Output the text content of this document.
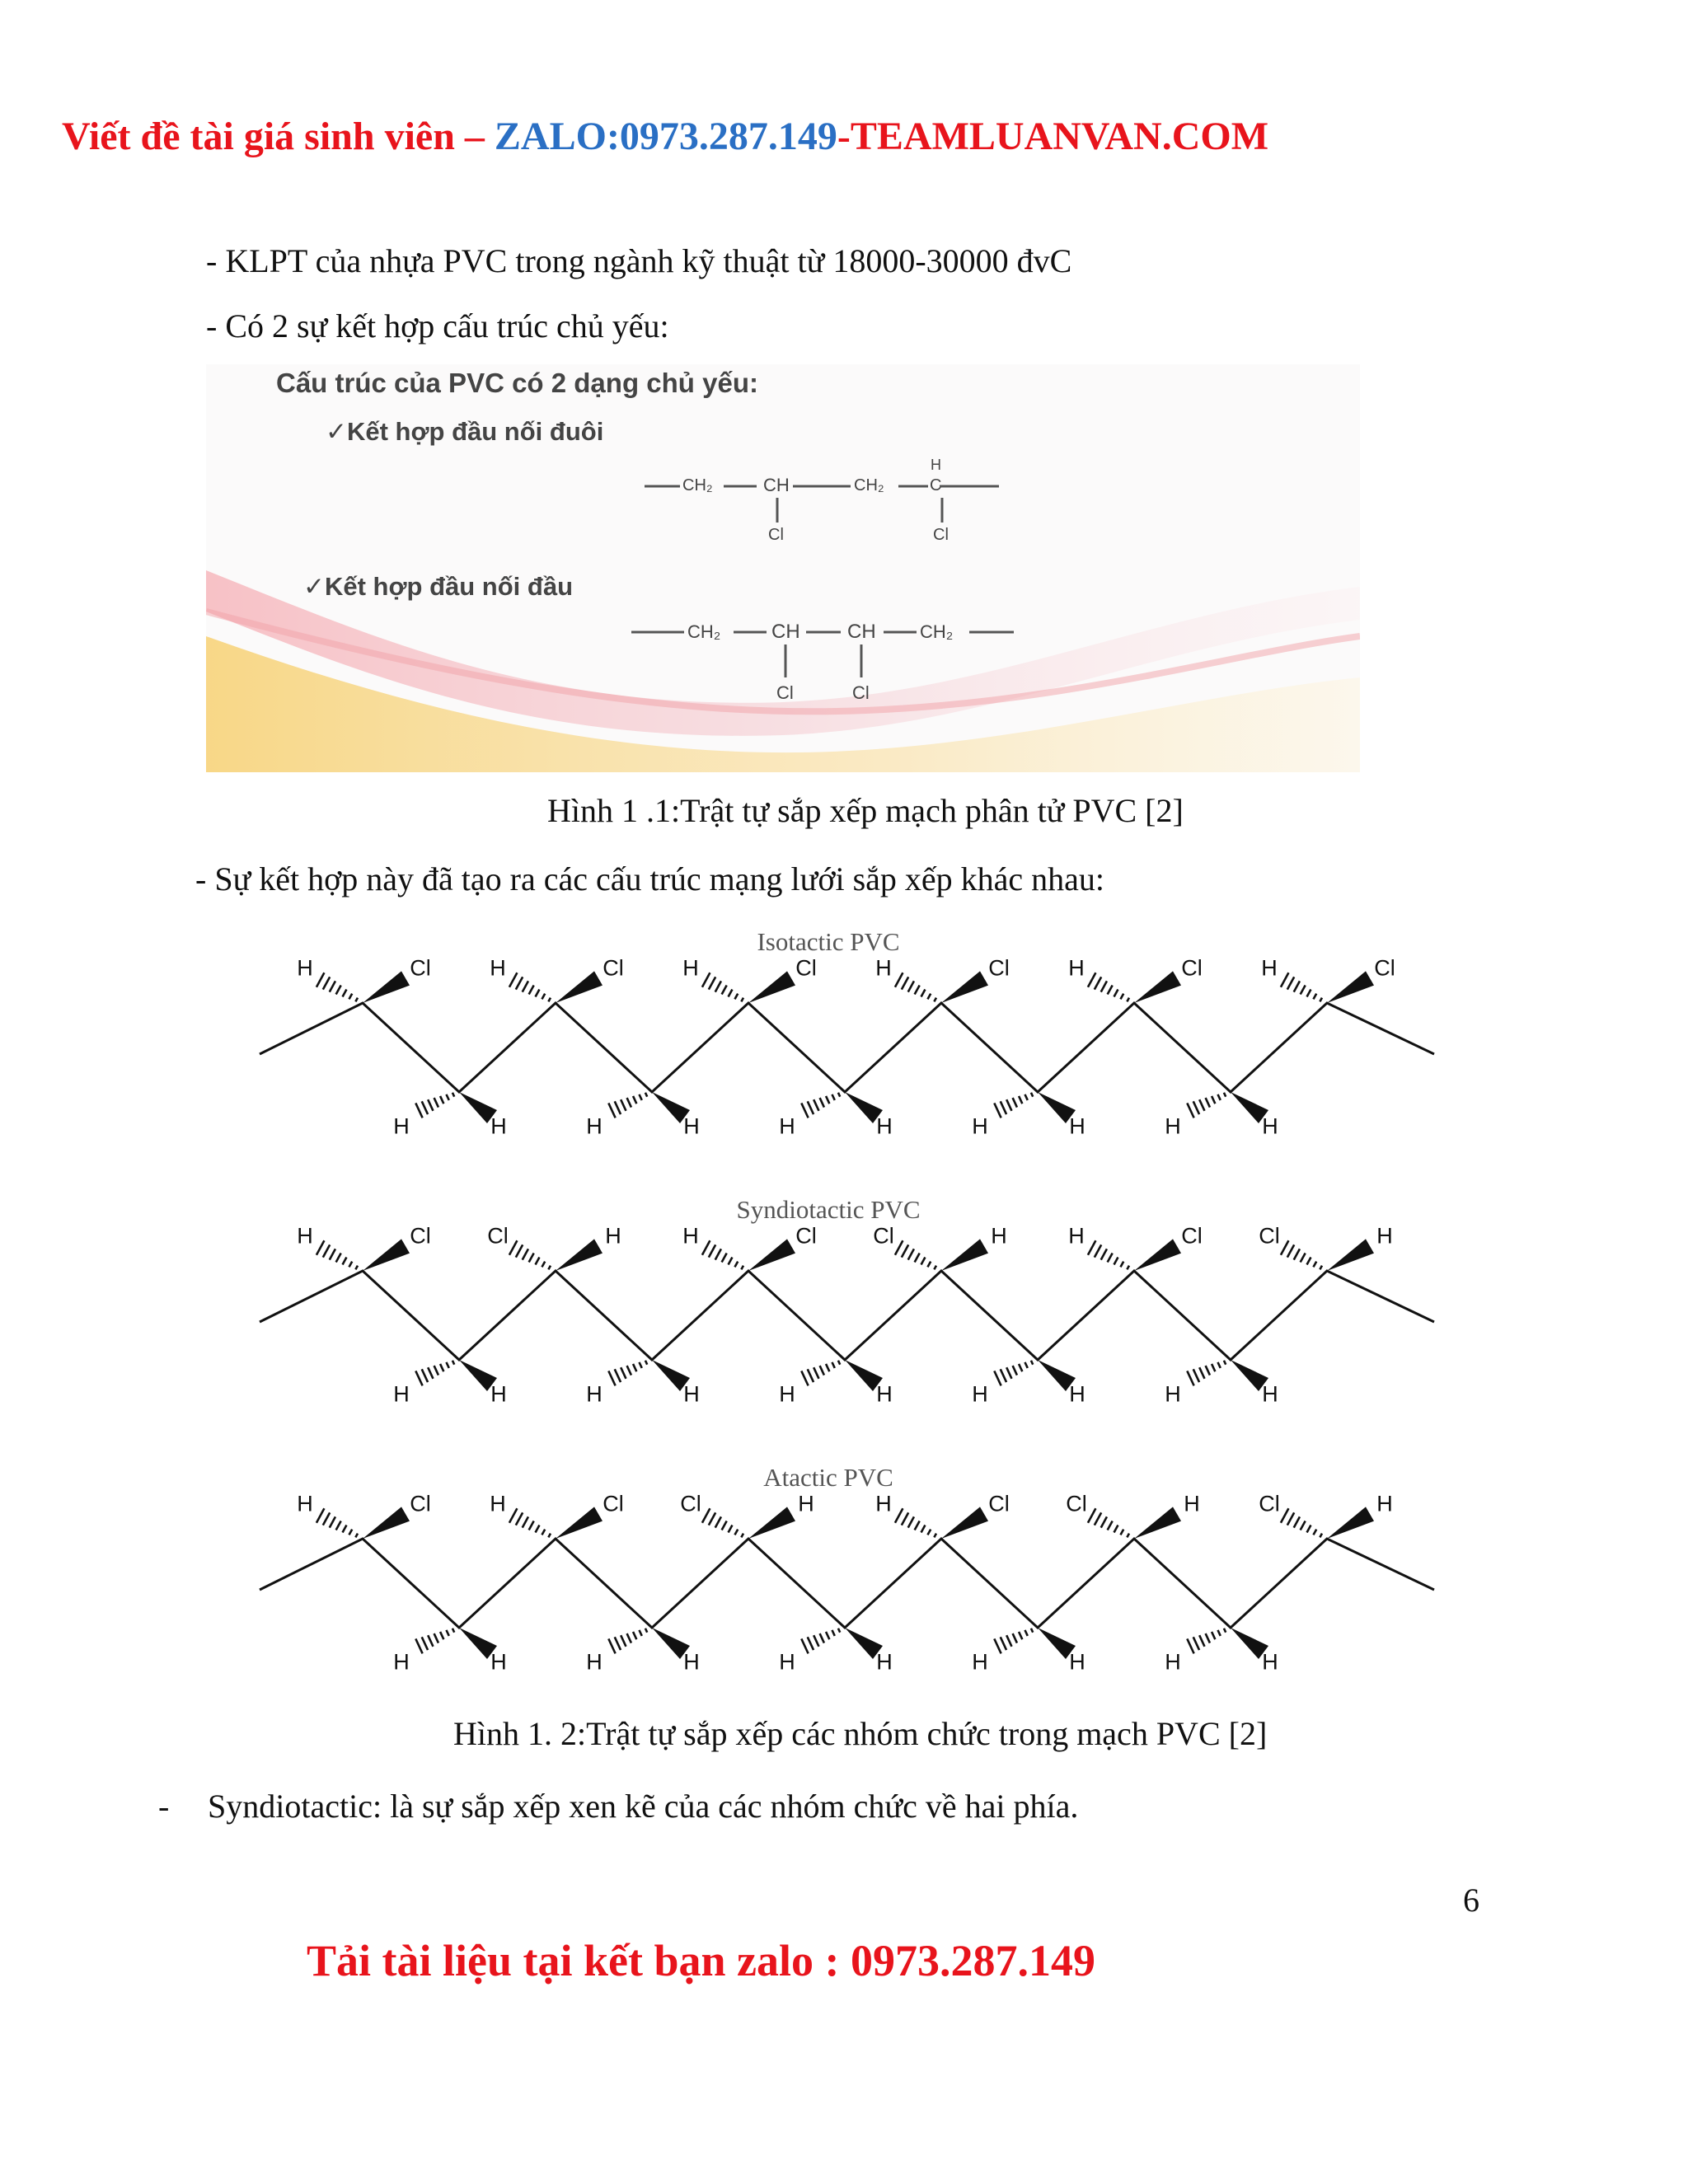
Viết đề tài giá sinh viên – ZALO:0973.287.149-TEAMLUANVAN.COM
- KLPT của nhựa PVC trong ngành kỹ thuật từ 18000-30000 đvC
- Có 2 sự kết hợp cấu trúc chủ yếu:
Cấu trúc của PVC có 2 dạng chủ yếu:
✓Kết hợp đầu nối đuôi
✓Kết hợp đầu nối đầu
CH₂	CH	CH₂	C
H
Cl	Cl
CH₂	CH CH CH₂
Cl	Cl
Hình 1 .1:Trật tự sắp xếp mạch phân tử PVC [2]
- Sự kết hợp này đã tạo ra các cấu trúc mạng lưới sắp xếp khác nhau:
Isotactic PVC
H	Cl	H	Cl	H	Cl	H	Cl	H	Cl	H	Cl
H	H	H	H	H	H	H	H	H	H
Syndiotactic PVC
H	Cl	Cl	H	H	Cl	Cl	H	H	Cl	Cl	H
H	H	H	H	H	H	H	H	H	H
Atactic PVC
H	Cl	H	Cl	Cl	H	H	Cl	Cl	H	Cl	H
H	H	H	H	H	H	H	H	H	H
Hình 1. 2:Trật tự sắp xếp các nhóm chức trong mạch PVC [2]
- Syndiotactic: là sự sắp xếp xen kẽ của các nhóm chức về hai phía.
6
Tải tài liệu tại kết bạn zalo : 0973.287.149
